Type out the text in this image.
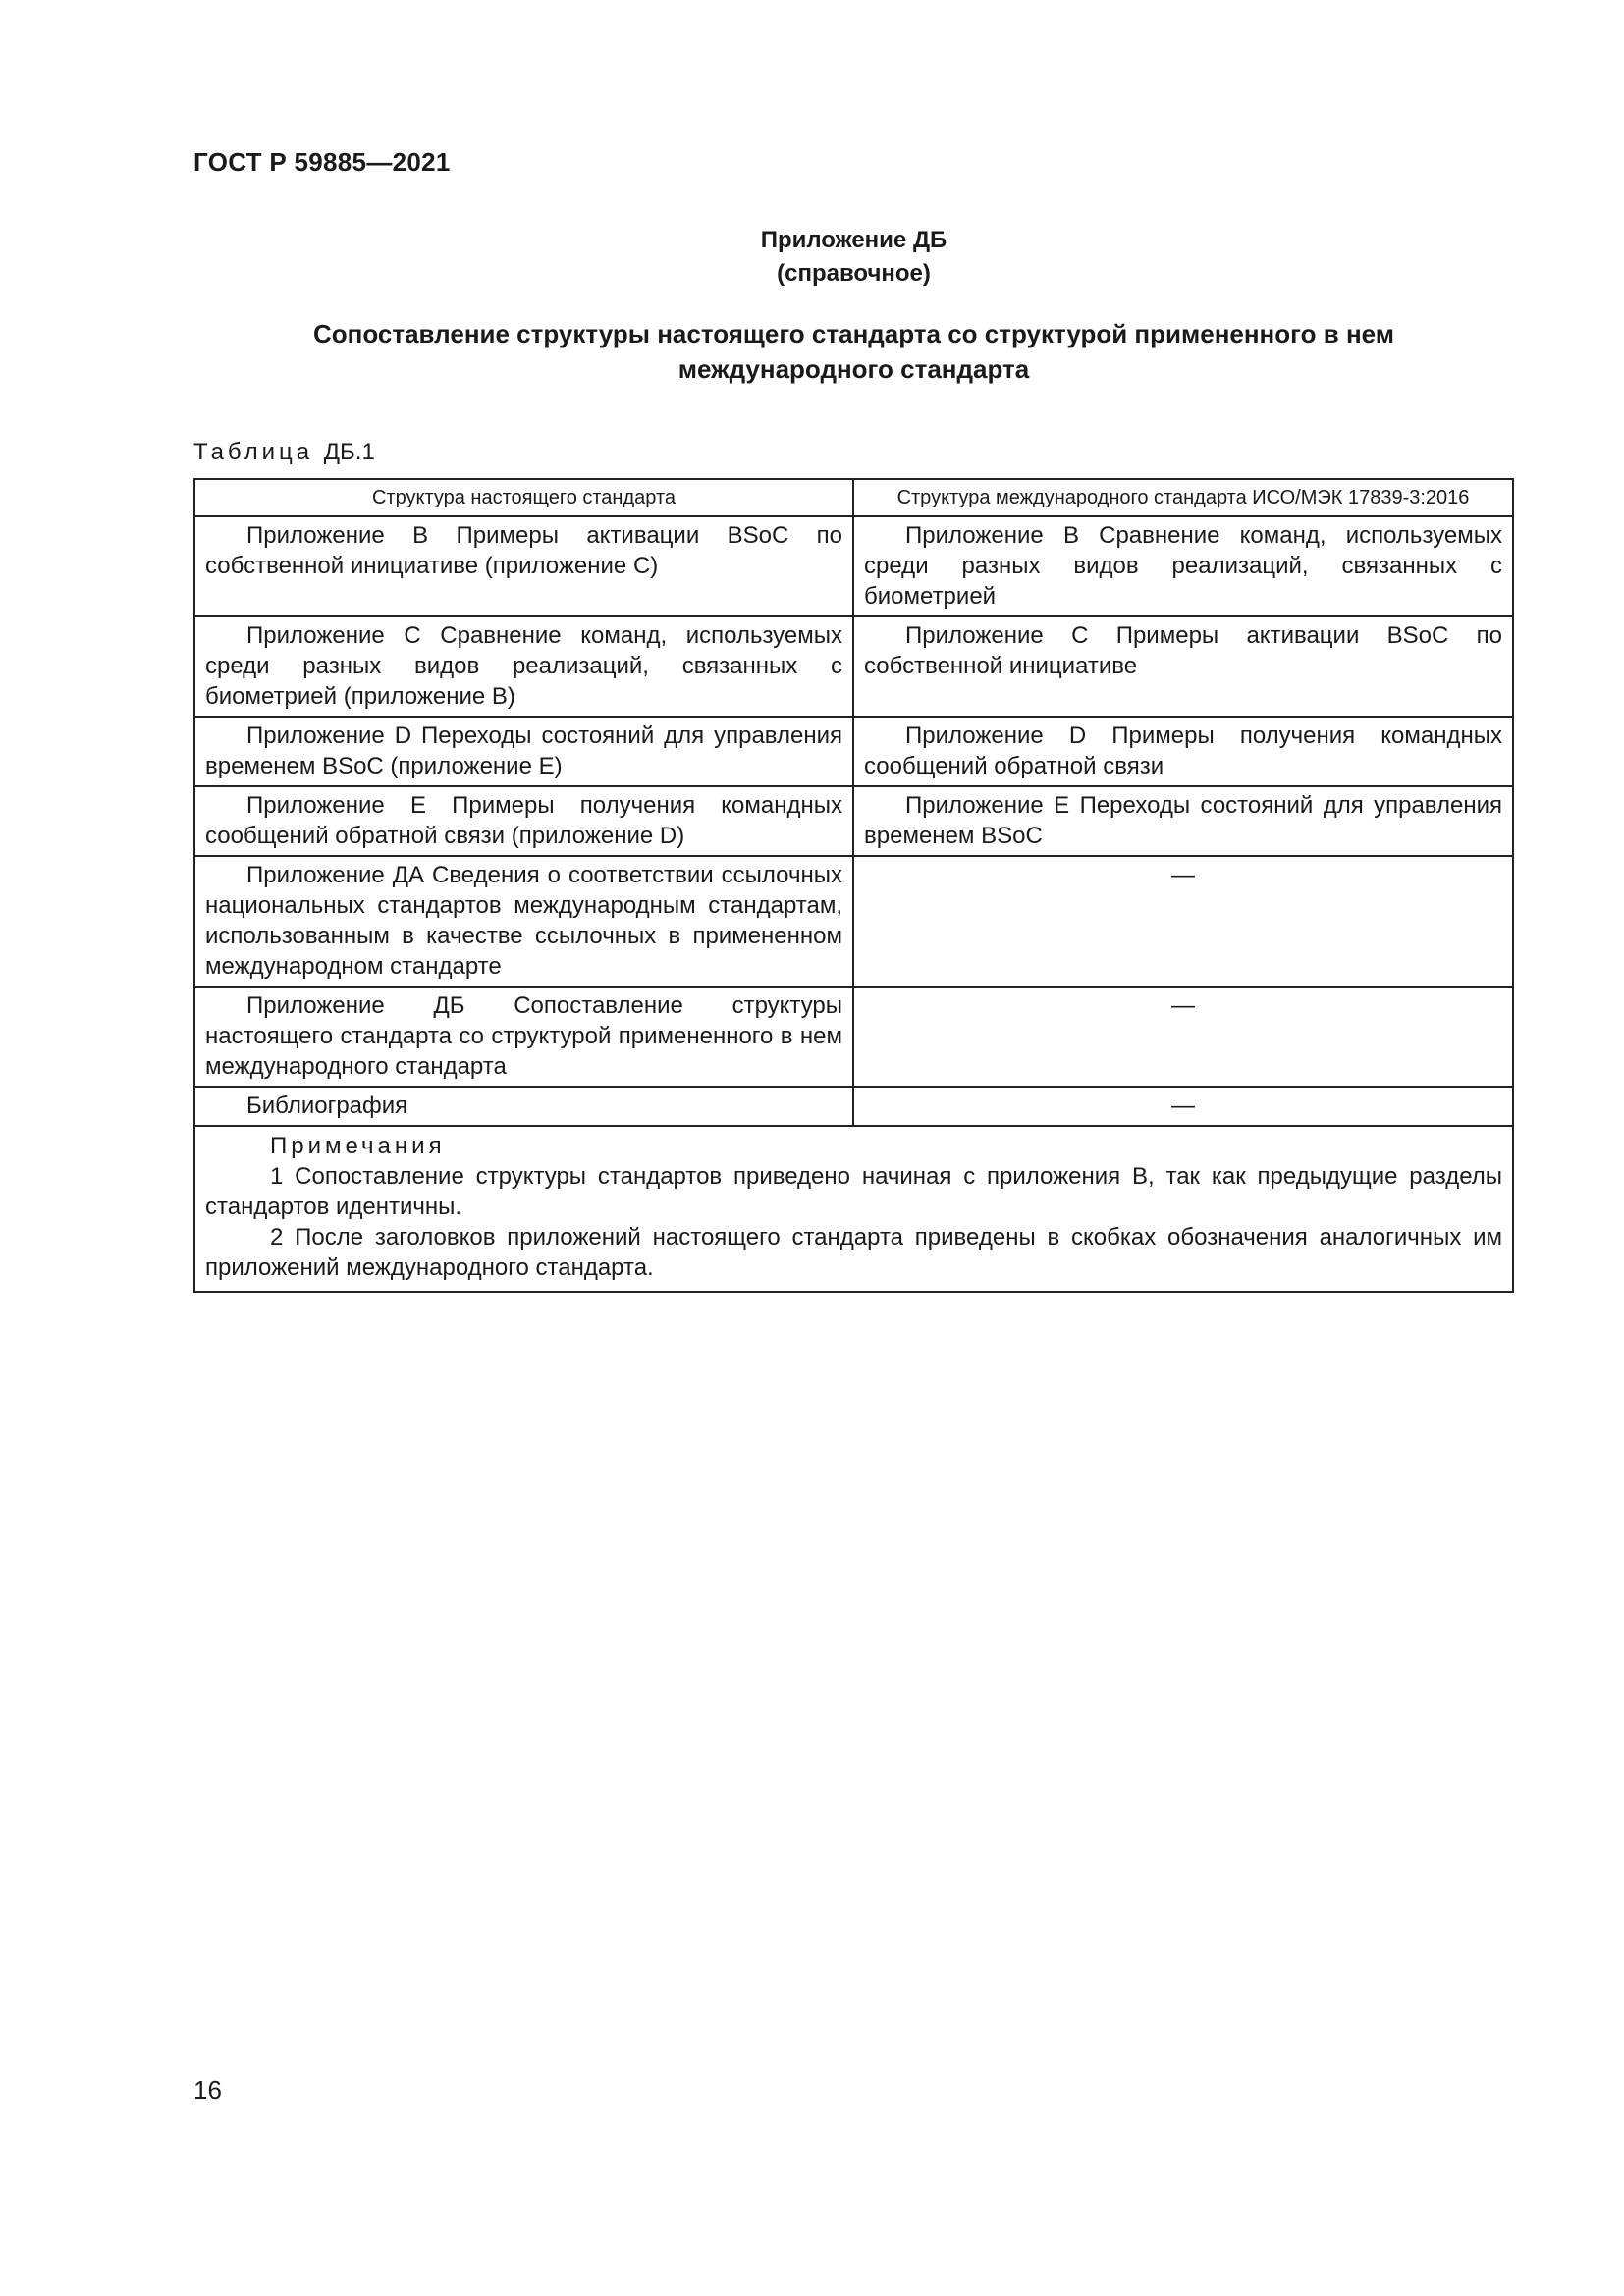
ГОСТ Р 59885—2021
Приложение ДБ
(справочное)
Сопоставление структуры настоящего стандарта со структурой примененного в нем
международного стандарта
Таблица ДБ.1
Структура настоящего стандарта	Структура международного стандарта ИСО/МЭК 17839-3:2016

Приложение B Примеры активации BSoC по собственной инициативе (приложение C)	Приложение B Сравнение команд, используемых среди разных видов реализаций, связанных с биометрией

Приложение C Сравнение команд, используемых среди разных видов реализаций, связанных с биометрией (приложение B)	Приложение C Примеры активации BSoC по собственной инициативе

Приложение D Переходы состояний для управления временем BSoC (приложение E)	Приложение D Примеры получения командных сообщений обратной связи

Приложение E Примеры получения командных сообщений обратной связи (приложение D)	Приложение E Переходы состояний для управления временем BSoC

Приложение ДА Сведения о соответствии ссылочных национальных стандартов международным стандартам, использованным в качестве ссылочных в примененном международном стандарте	—

Приложение ДБ Сопоставление структуры настоящего стандарта со структурой примененного в нем международного стандарта	—

Библиография	—

Примечания
1 Сопоставление структуры стандартов приведено начиная с приложения B, так как предыдущие разделы стандартов идентичны.
2 После заголовков приложений настоящего стандарта приведены в скобках обозначения аналогичных им приложений международного стандарта.	
16
